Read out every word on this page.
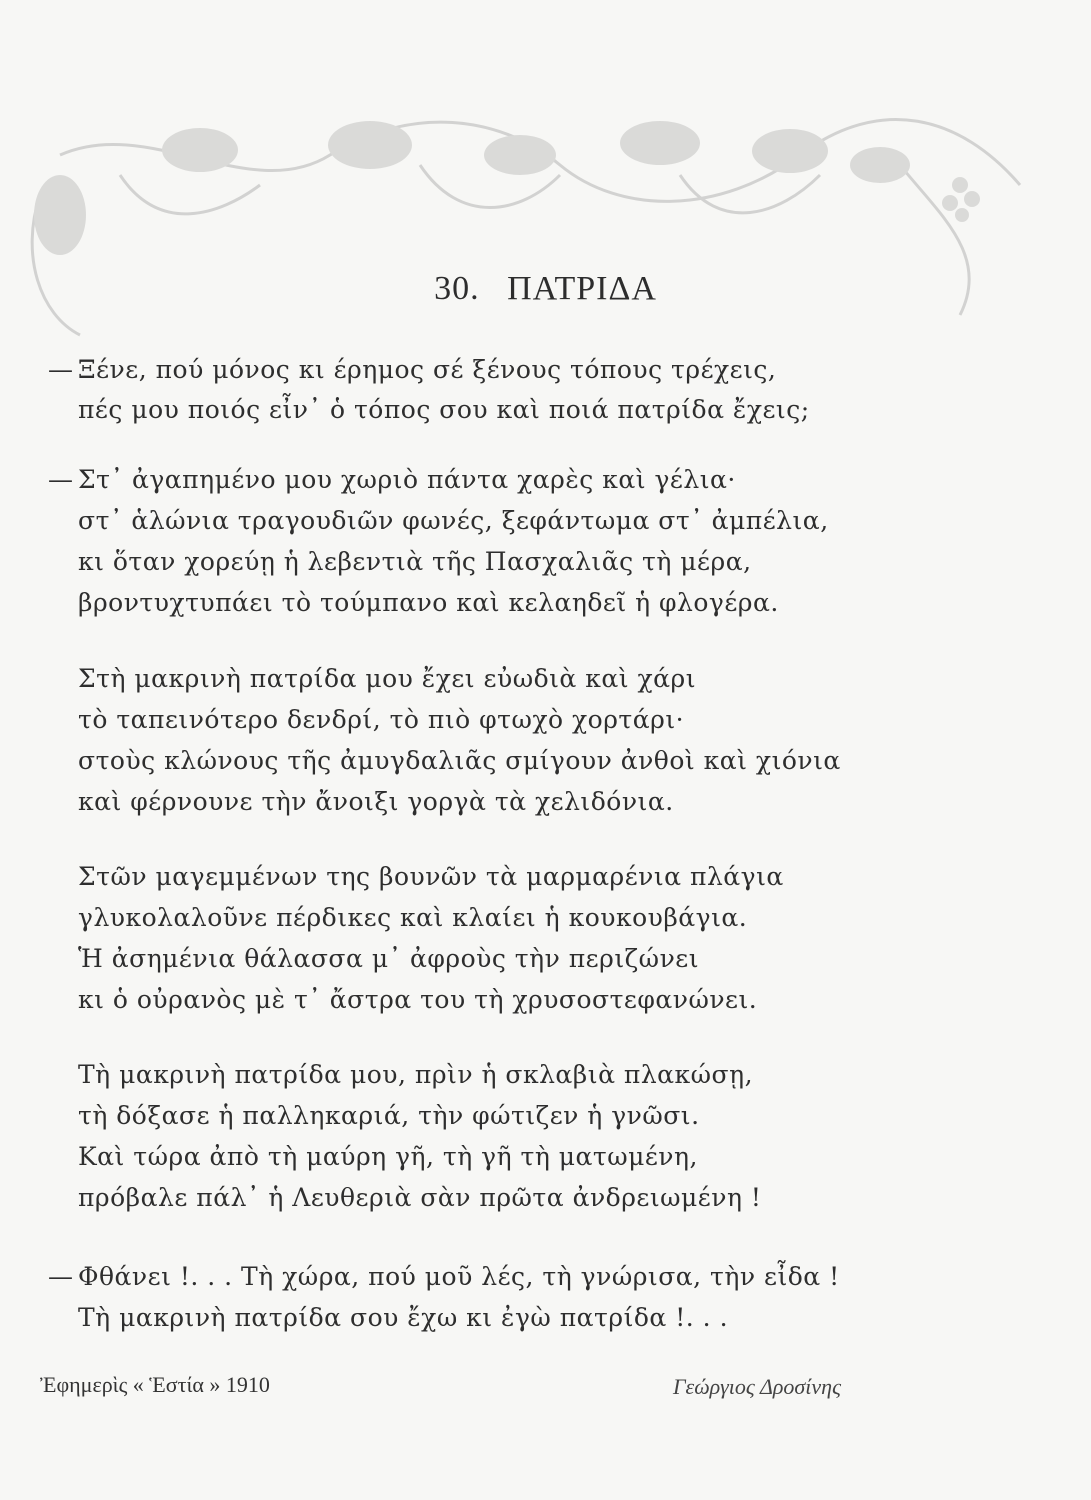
30. ΠΑΤΡΙΔΑ
— Ξένε, πού μόνος κι έρημος σέ ξένους τόπους τρέχεις,
πές μου ποιός εἶν᾽ ὁ τόπος σου καὶ ποιά πατρίδα ἔχεις;
— Στ᾽ ἀγαπημένο μου χωριὸ πάντα χαρὲς καὶ γέλια·
στ᾽ ἁλώνια τραγουδιῶν φωνές, ξεφάντωμα στ᾽ ἀμπέλια,
κι ὅταν χορεύῃ ἡ λεβεντιὰ τῆς Πασχαλιᾶς τὴ μέρα,
βροντυχτυπάει τὸ τούμπανο καὶ κελαηδεῖ ἡ φλογέρα.
Στὴ μακρινὴ πατρίδα μου ἔχει εὐωδιὰ καὶ χάρι
τὸ ταπεινότερο δενδρί, τὸ πιὸ φτωχὸ χορτάρι·
στοὺς κλώνους τῆς ἀμυγδαλιᾶς σμίγουν ἀνθοὶ καὶ χιόνια
καὶ φέρνουνε τὴν ἄνοιξι γοργὰ τὰ χελιδόνια.
Στῶν μαγεμμένων της βουνῶν τὰ μαρμαρένια πλάγια
γλυκολαλοῦνε πέρδικες καὶ κλαίει ἡ κουκουβάγια.
Ἡ ἀσημένια θάλασσα μ᾽ ἀφροὺς τὴν περιζώνει
κι ὁ οὐρανὸς μὲ τ᾽ ἄστρα του τὴ χρυσοστεφανώνει.
Τὴ μακρινὴ πατρίδα μου, πρὶν ἡ σκλαβιὰ πλακώσῃ,
τὴ δόξασε ἡ παλληκαριά, τὴν φώτιζεν ἡ γνῶσι.
Καὶ τώρα ἀπὸ τὴ μαύρη γῆ, τὴ γῆ τὴ ματωμένη,
πρόβαλε πάλ᾽ ἡ Λευθεριὰ σὰν πρῶτα ἀνδρειωμένη !
— Φθάνει !. . . Τὴ χώρα, πού μοῦ λές, τὴ γνώρισα, τὴν εἶδα !
Τὴ μακρινὴ πατρίδα σου ἔχω κι ἐγὼ πατρίδα !. . .
Ἐφημερὶς « Ἑστία » 1910	Γεώργιος Δροσίνης
